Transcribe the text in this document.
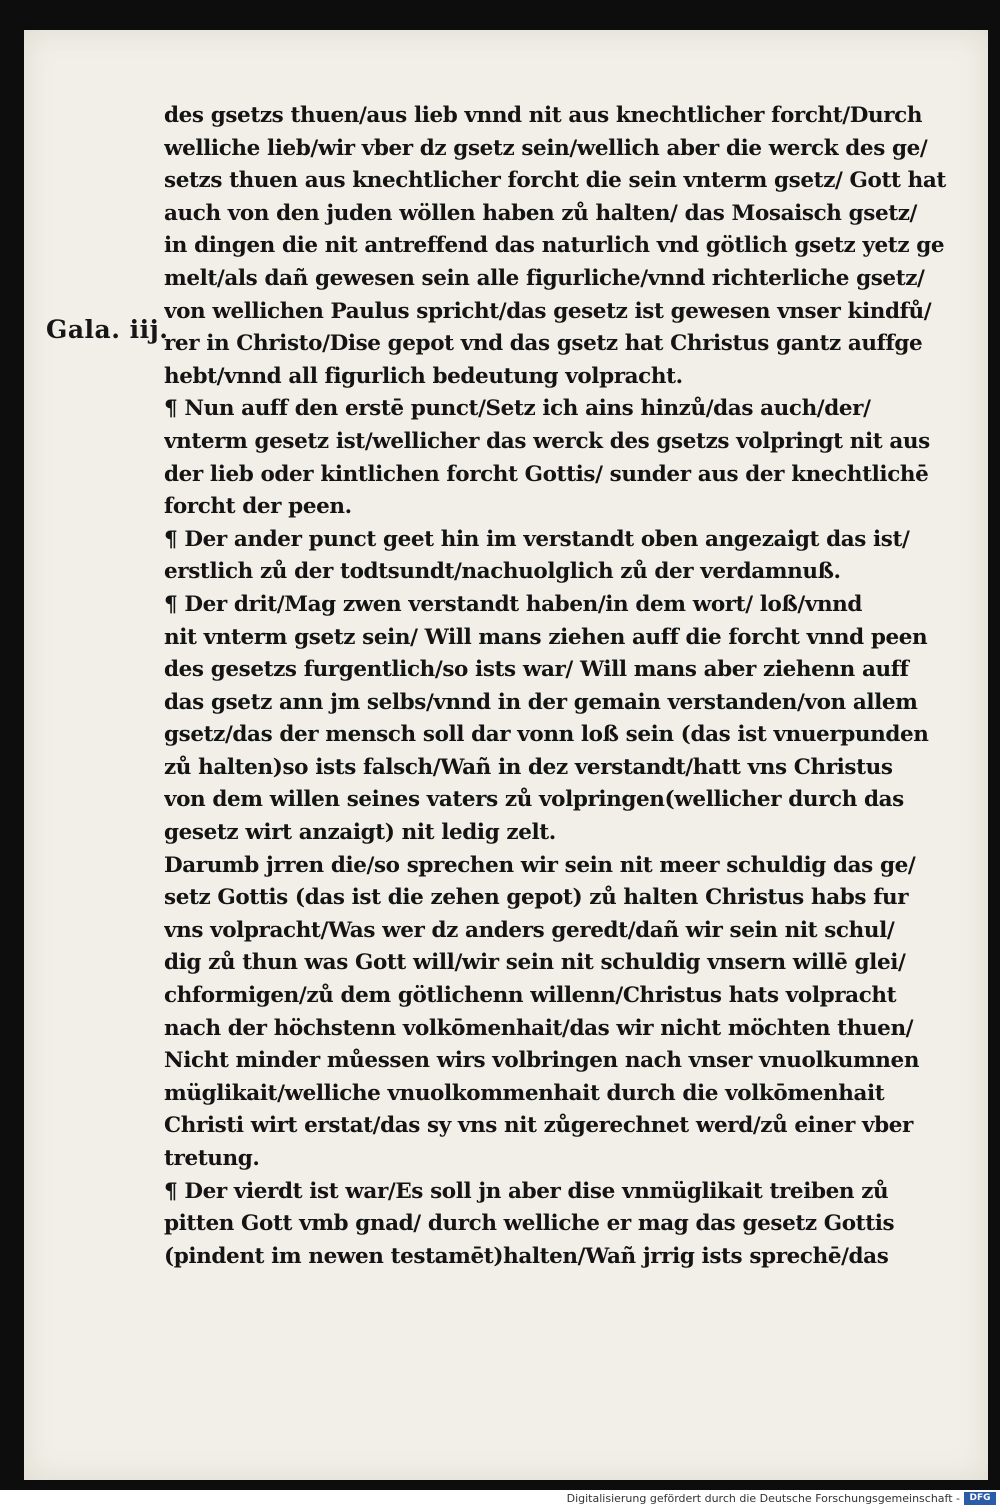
Gala. iij.
des gsetzs thuen/aus lieb vnnd nit aus knechtlicher forcht/Durch
welliche lieb/wir vber dz gsetz sein/wellich aber die werck des ge/
setzs thuen aus knechtlicher forcht die sein vnterm gsetz/ Gott hat
auch von den juden wöllen haben zů halten/ das Mosaisch gsetz/
in dingen die nit antreffend das naturlich vnd götlich gsetz yetz ge
melt/als dañ gewesen sein alle figurliche/vnnd richterliche gsetz/
von wellichen Paulus spricht/das gesetz ist gewesen vnser kindfů/
rer in Christo/Dise gepot vnd das gsetz hat Christus gantz auffge
hebt/vnnd all figurlich bedeutung volpracht.
¶ Nun auff den erstē punct/Setz ich ains hinzů/das auch/der/
vnterm gesetz ist/wellicher das werck des gsetzs volpringt nit aus
der lieb oder kintlichen forcht Gottis/ sunder aus der knechtlichē
forcht der peen.
¶ Der ander punct geet hin im verstandt oben angezaigt das ist/
erstlich zů der todtsundt/nachuolglich zů der verdamnuß.
¶ Der drit/Mag zwen verstandt haben/in dem wort/ loß/vnnd
nit vnterm gsetz sein/ Will mans ziehen auff die forcht vnnd peen
des gesetzs furgentlich/so ists war/ Will mans aber ziehenn auff
das gsetz ann jm selbs/vnnd in der gemain verstanden/von allem
gsetz/das der mensch soll dar vonn loß sein (das ist vnuerpunden
zů halten)so ists falsch/Wañ in dez verstandt/hatt vns Christus
von dem willen seines vaters zů volpringen(wellicher durch das
gesetz wirt anzaigt) nit ledig zelt.
Darumb jrren die/so sprechen wir sein nit meer schuldig das ge/
setz Gottis (das ist die zehen gepot) zů halten Christus habs fur
vns volpracht/Was wer dz anders geredt/dañ wir sein nit schul/
dig zů thun was Gott will/wir sein nit schuldig vnsern willē glei/
chformigen/zů dem götlichenn willenn/Christus hats volpracht
nach der höchstenn volkōmenhait/das wir nicht möchten thuen/
Nicht minder můessen wirs volbringen nach vnser vnuolkumnen
müglikait/welliche vnuolkommenhait durch die volkōmenhait
Christi wirt erstat/das sy vns nit zůgerechnet werd/zů einer vber
tretung.
¶ Der vierdt ist war/Es soll jn aber dise vnmüglikait treiben zů
pitten Gott vmb gnad/ durch welliche er mag das gesetz Gottis
(pindent im newen testamēt)halten/Wañ jrrig ists sprechē/das
Digitalisierung gefördert durch die Deutsche Forschungsgemeinschaft -	DFG
